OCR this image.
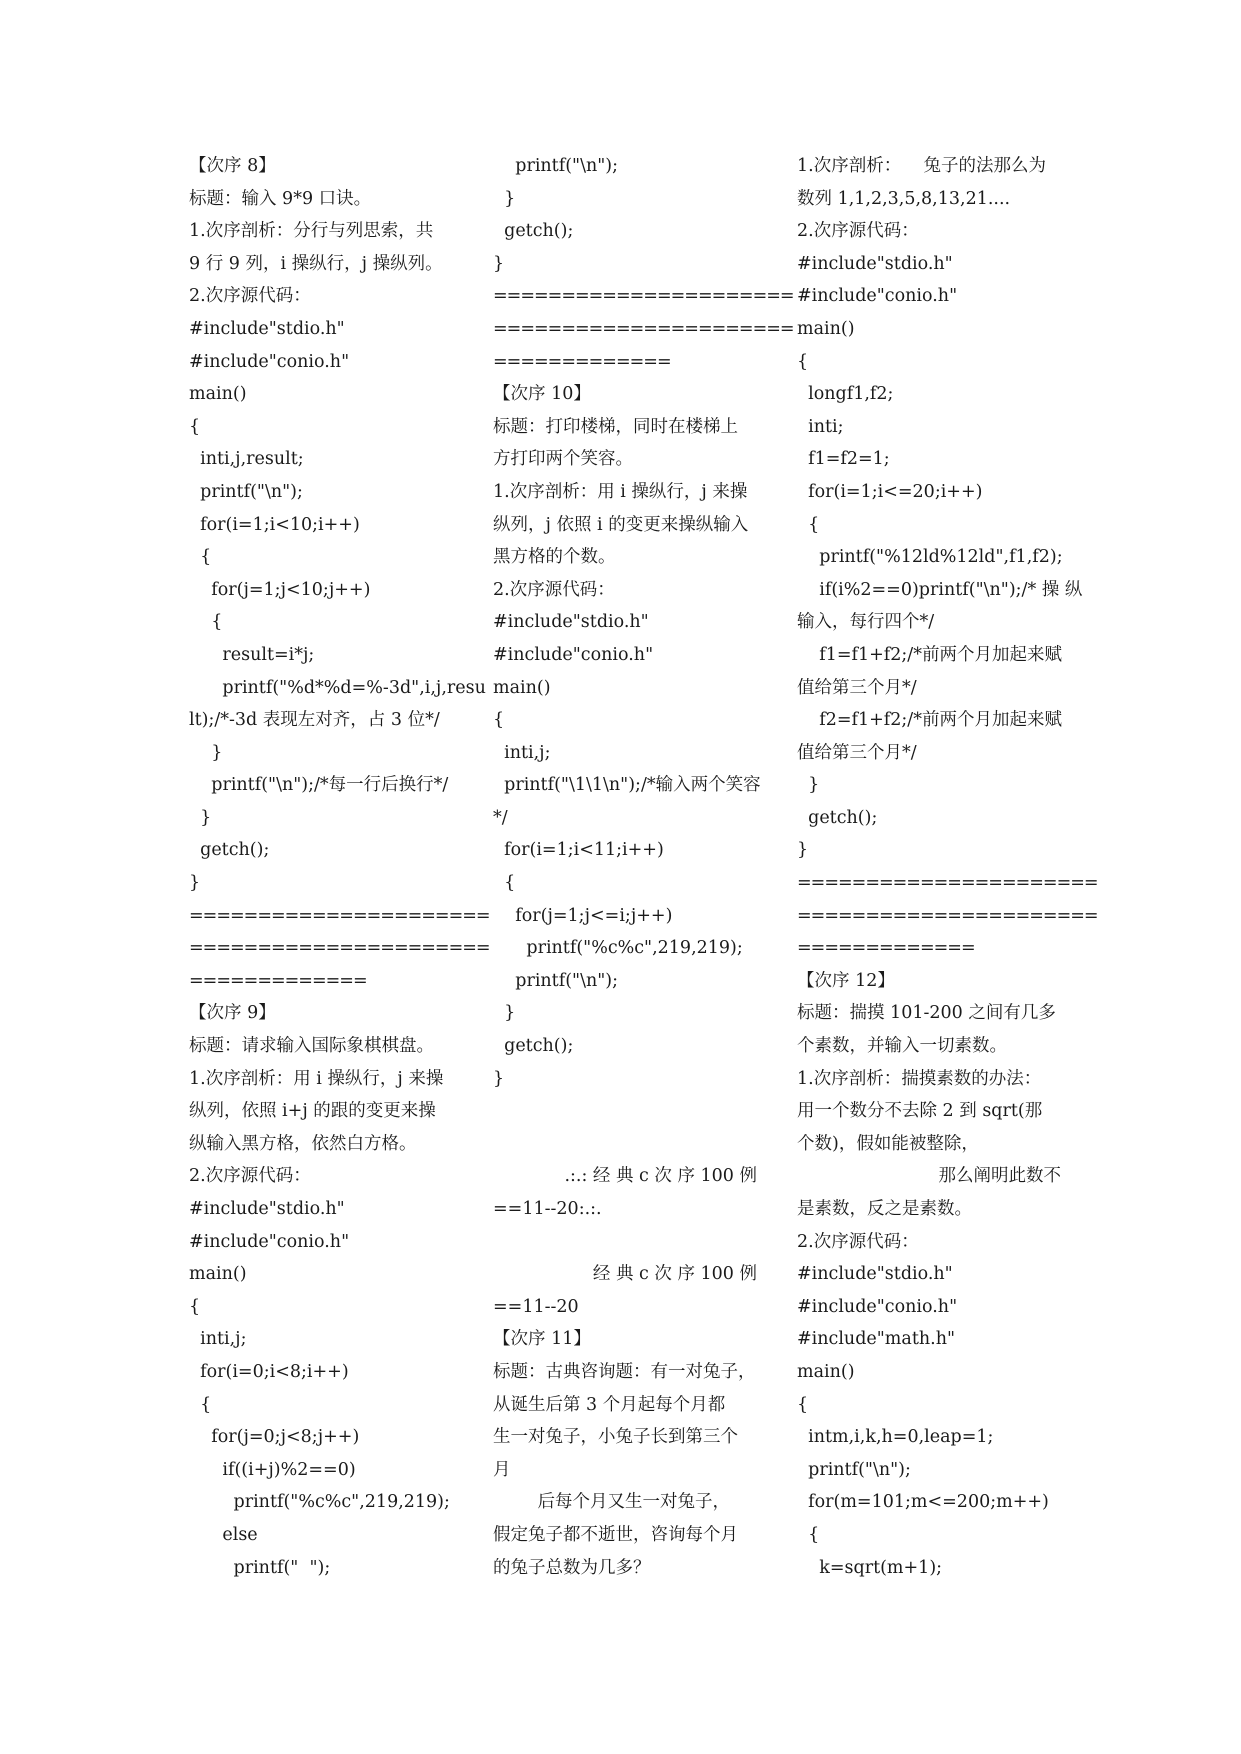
【次序 8】
标题：输入 9*9 口诀。
1.次序剖析：分行与列思索，共
9 行 9 列，i 操纵行，j 操纵列。
2.次序源代码：
#include"stdio.h"
#include"conio.h"
main()
{
inti,j,result;
printf("\n");
for(i=1;i<10;i++)
{
for(j=1;j<10;j++)
{
result=i*j;
printf("%d*%d=%-3d",i,j,resu
lt);/*-3d 表现左对齐，占 3 位*/
}
printf("\n");/*每一行后换行*/
}
getch();
}
======================
======================
=============
【次序 9】
标题：请求输入国际象棋棋盘。
1.次序剖析：用 i 操纵行，j 来操
纵列，依照 i+j 的跟的变更来操
纵输入黑方格，依然白方格。
2.次序源代码：
#include"stdio.h"
#include"conio.h"
main()
{
inti,j;
for(i=0;i<8;i++)
{
for(j=0;j<8;j++)
if((i+j)%2==0)
printf("%c%c",219,219);
else
printf("  ");
printf("\n");
}
getch();
}
======================
======================
=============
【次序 10】
标题：打印楼梯，同时在楼梯上
方打印两个笑容。
1.次序剖析：用 i 操纵行，j 来操
纵列，j 依照 i 的变更来操纵输入
黑方格的个数。
2.次序源代码：
#include"stdio.h"
#include"conio.h"
main()
{
inti,j;
printf("\1\1\n");/*输入两个笑容
*/
for(i=1;i<11;i++)
{
for(j=1;j<=i;j++)
printf("%c%c",219,219);
printf("\n");
}
getch();
}
.:.: 经 典 c 次 序 100 例
==11--20:.:.
经 典 c 次 序 100 例
==11--20
【次序 11】
标题：古典咨询题：有一对兔子，
从诞生后第 3 个月起每个月都
生一对兔子，小兔子长到第三个
月
后每个月又生一对兔子，
假定兔子都不逝世，咨询每个月
的兔子总数为几多？
1.次序剖析：    兔子的法那么为
数列 1,1,2,3,5,8,13,21....
2.次序源代码：
#include"stdio.h"
#include"conio.h"
main()
{
longf1,f2;
inti;
f1=f2=1;
for(i=1;i<=20;i++)
{
printf("%12ld%12ld",f1,f2);
if(i%2==0)printf("\n");/* 操 纵
输入，每行四个*/
f1=f1+f2;/*前两个月加起来赋
值给第三个月*/
f2=f1+f2;/*前两个月加起来赋
值给第三个月*/
}
getch();
}
======================
======================
=============
【次序 12】
标题：揣摸 101-200 之间有几多
个素数，并输入一切素数。
1.次序剖析：揣摸素数的办法：
用一个数分不去除 2 到 sqrt(那
个数)，假如能被整除，
那么阐明此数不
是素数，反之是素数。
2.次序源代码：
#include"stdio.h"
#include"conio.h"
#include"math.h"
main()
{
intm,i,k,h=0,leap=1;
printf("\n");
for(m=101;m<=200;m++)
{
k=sqrt(m+1);
